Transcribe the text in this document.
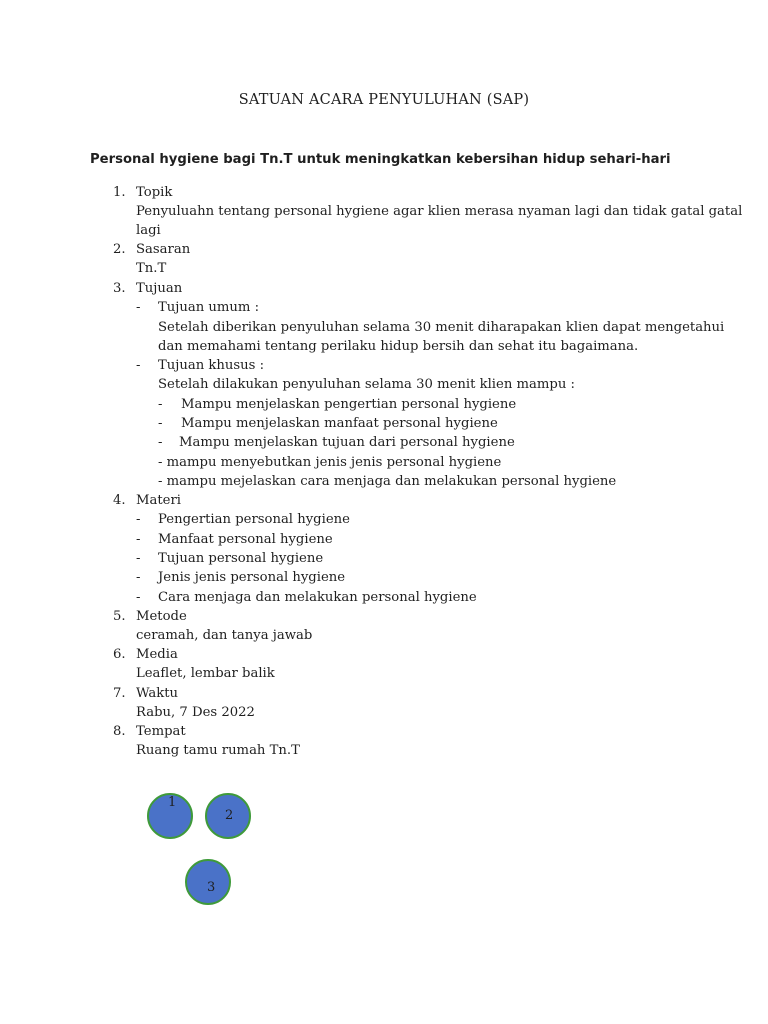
SATUAN ACARA PENYULUHAN (SAP)
Personal hygiene bagi Tn.T untuk meningkatkan kebersihan hidup sehari-hari
1. Topik
Penyuluahn tentang personal hygiene agar klien merasa nyaman lagi dan tidak gatal gatal
lagi
2. Sasaran
Tn.T
3. Tujuan
- Tujuan umum :
Setelah diberikan penyuluhan selama 30 menit diharapakan klien dapat mengetahui
dan memahami tentang perilaku hidup bersih dan sehat itu bagaimana.
- Tujuan khusus :
Setelah dilakukan penyuluhan selama 30 menit klien mampu :
- Mampu menjelaskan pengertian personal hygiene
- Mampu menjelaskan manfaat personal hygiene
- Mampu menjelaskan tujuan dari personal hygiene
- mampu menyebutkan jenis jenis personal hygiene
- mampu mejelaskan cara menjaga dan melakukan personal hygiene
4. Materi
- Pengertian personal hygiene
- Manfaat personal hygiene
- Tujuan personal hygiene
- Jenis jenis personal hygiene
- Cara menjaga dan melakukan personal hygiene
5. Metode
ceramah, dan tanya jawab
6. Media
Leaflet, lembar balik
7. Waktu
Rabu, 7 Des 2022
8. Tempat
Ruang tamu rumah Tn.T
1
2
3
